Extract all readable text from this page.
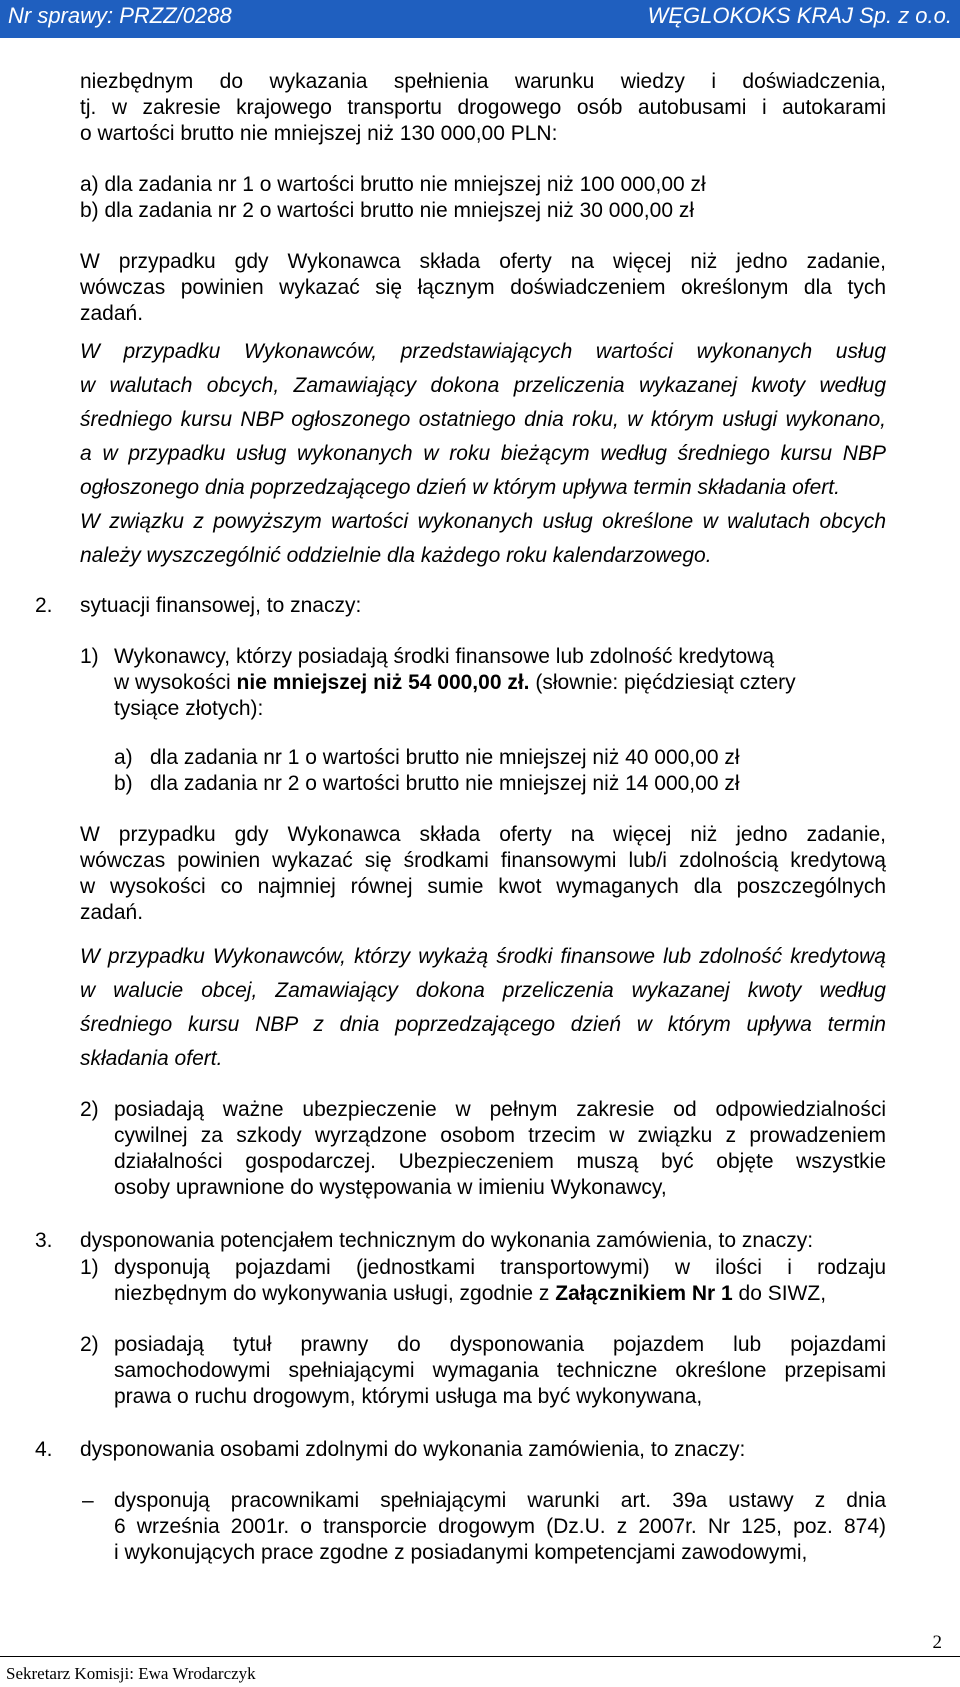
Nr sprawy: PRZZ/0288	WĘGLOKOKS KRAJ Sp. z o.o.
niezbędnym do wykazania spełnienia warunku wiedzy i doświadczenia,
tj. w zakresie krajowego transportu drogowego osób autobusami i autokarami
o wartości brutto nie mniejszej niż 130 000,00 PLN:
a) dla zadania nr 1 o wartości brutto nie mniejszej niż 100 000,00 zł
b) dla zadania nr 2 o wartości brutto nie mniejszej niż 30 000,00 zł
W przypadku gdy Wykonawca składa oferty na więcej niż jedno zadanie,
wówczas powinien wykazać się łącznym doświadczeniem określonym dla tych
zadań.
W przypadku Wykonawców, przedstawiających wartości wykonanych usług
w walutach obcych, Zamawiający dokona przeliczenia wykazanej kwoty według
średniego kursu NBP ogłoszonego ostatniego dnia roku, w którym usługi wykonano,
a w przypadku usług wykonanych w roku bieżącym według średniego kursu NBP
ogłoszonego dnia poprzedzającego dzień w którym upływa termin składania ofert.
W związku z powyższym wartości wykonanych usług określone w walutach obcych
należy wyszczególnić oddzielnie dla każdego roku kalendarzowego.
2. sytuacji finansowej, to znaczy:
1) Wykonawcy, którzy posiadają środki finansowe lub zdolność kredytową
w wysokości nie mniejszej niż 54 000,00 zł. (słownie: pięćdziesiąt cztery
tysiące złotych):
a) dla zadania nr 1 o wartości brutto nie mniejszej niż 40 000,00 zł
b) dla zadania nr 2 o wartości brutto nie mniejszej niż 14 000,00 zł
W przypadku gdy Wykonawca składa oferty na więcej niż jedno zadanie,
wówczas powinien wykazać się środkami finansowymi lub/i zdolnością kredytową
w wysokości co najmniej równej sumie kwot wymaganych dla poszczególnych
zadań.
W przypadku Wykonawców, którzy wykażą środki finansowe lub zdolność kredytową
w walucie obcej, Zamawiający dokona przeliczenia wykazanej kwoty według
średniego kursu NBP z dnia poprzedzającego dzień w którym upływa termin
składania ofert.
2) posiadają ważne ubezpieczenie w pełnym zakresie od odpowiedzialności
cywilnej za szkody wyrządzone osobom trzecim w związku z prowadzeniem
działalności gospodarczej. Ubezpieczeniem muszą być objęte wszystkie
osoby uprawnione do występowania w imieniu Wykonawcy,
3. dysponowania potencjałem technicznym do wykonania zamówienia, to znaczy:
1) dysponują pojazdami (jednostkami transportowymi) w ilości i rodzaju
niezbędnym do wykonywania usługi, zgodnie z Załącznikiem Nr 1 do SIWZ,
2) posiadają tytuł prawny do dysponowania pojazdem lub pojazdami
samochodowymi spełniającymi wymagania techniczne określone przepisami
prawa o ruchu drogowym, którymi usługa ma być wykonywana,
4. dysponowania osobami zdolnymi do wykonania zamówienia, to znaczy:
– dysponują pracownikami spełniającymi warunki art. 39a ustawy z dnia
6 września 2001r. o transporcie drogowym (Dz.U. z 2007r. Nr 125, poz. 874)
i wykonujących prace zgodne z posiadanymi kompetencjami zawodowymi,
2
Sekretarz Komisji: Ewa Wrodarczyk
